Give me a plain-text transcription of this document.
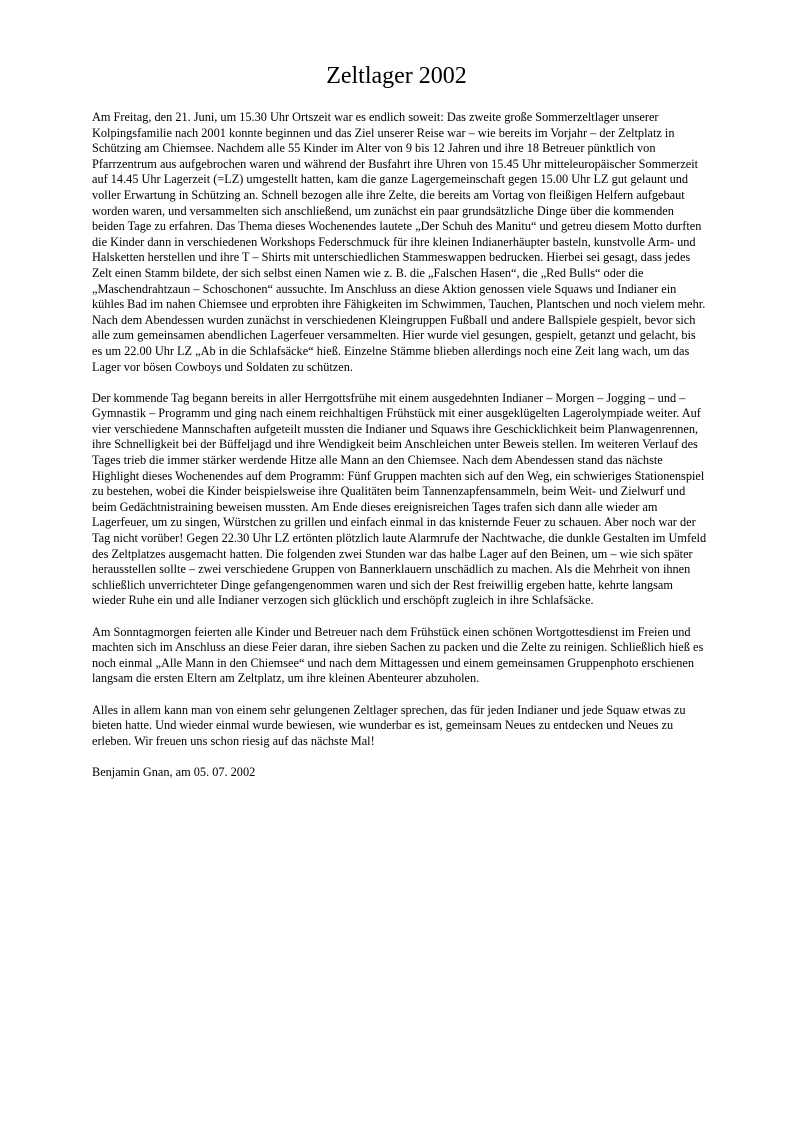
Zeltlager 2002

Am Freitag, den 21. Juni, um 15.30 Uhr Ortszeit war es endlich soweit: Das zweite große Sommerzeltlager unserer Kolpingsfamilie nach 2001 konnte beginnen und das Ziel unserer Reise war – wie bereits im Vorjahr – der Zeltplatz in Schützing am Chiemsee. Nachdem alle 55 Kinder im Alter von 9 bis 12 Jahren und ihre 18 Betreuer pünktlich von Pfarrzentrum aus aufgebrochen waren und während der Busfahrt ihre Uhren von 15.45 Uhr mitteleuropäischer Sommerzeit auf 14.45 Uhr Lagerzeit (=LZ) umgestellt hatten, kam die ganze Lagergemeinschaft gegen 15.00 Uhr LZ gut gelaunt und voller Erwartung in Schützing an. Schnell bezogen alle ihre Zelte, die bereits am Vortag von fleißigen Helfern aufgebaut worden waren, und versammelten sich anschließend, um zunächst ein paar grundsätzliche Dinge über die kommenden beiden Tage zu erfahren. Das Thema dieses Wochenendes lautete „Der Schuh des Manitu“ und getreu diesem Motto durften die Kinder dann in verschiedenen Workshops Federschmuck für ihre kleinen Indianerhäupter basteln, kunstvolle Arm- und Halsketten herstellen und ihre T – Shirts mit unterschiedlichen Stammeswappen bedrucken. Hierbei sei gesagt, dass jedes Zelt einen Stamm bildete, der sich selbst einen Namen wie z. B. die „Falschen Hasen“, die „Red Bulls“ oder die „Maschendrahtzaun – Schoschonen“ aussuchte. Im Anschluss an diese Aktion genossen viele Squaws und Indianer ein kühles Bad im nahen Chiemsee und erprobten ihre Fähigkeiten im Schwimmen, Tauchen, Plantschen und noch vielem mehr. Nach dem Abendessen wurden zunächst in verschiedenen Kleingruppen Fußball und andere Ballspiele gespielt, bevor sich alle zum gemeinsamen abendlichen Lagerfeuer versammelten. Hier wurde viel gesungen, gespielt, getanzt und gelacht, bis es um 22.00 Uhr LZ „Ab in die Schlafsäcke“ hieß. Einzelne Stämme blieben allerdings noch eine Zeit lang wach, um das Lager vor bösen Cowboys und Soldaten zu schützen.

Der kommende Tag begann bereits in aller Herrgottsfrühe mit einem ausgedehnten Indianer – Morgen – Jogging – und – Gymnastik – Programm und ging nach einem reichhaltigen Frühstück mit einer ausgeklügelten Lagerolympiade weiter. Auf vier verschiedene Mannschaften aufgeteilt mussten die Indianer und Squaws ihre Geschicklichkeit beim Planwagenrennen, ihre Schnelligkeit bei der Büffeljagd und ihre Wendigkeit beim Anschleichen unter Beweis stellen. Im weiteren Verlauf des Tages trieb die immer stärker werdende Hitze alle Mann an den Chiemsee. Nach dem Abendessen stand das nächste Highlight dieses Wochenendes auf dem Programm: Fünf Gruppen machten sich auf den Weg, ein schwieriges Stationenspiel zu bestehen, wobei die Kinder beispielsweise ihre Qualitäten beim Tannenzapfensammeln, beim Weit- und Zielwurf und beim Gedächtnistraining beweisen mussten. Am Ende dieses ereignisreichen Tages trafen sich dann alle wieder am Lagerfeuer, um zu singen, Würstchen zu grillen und einfach einmal in das knisternde Feuer zu schauen. Aber noch war der Tag nicht vorüber! Gegen 22.30 Uhr LZ ertönten plötzlich laute Alarmrufe der Nachtwache, die dunkle Gestalten im Umfeld des Zeltplatzes ausgemacht hatten. Die folgenden zwei Stunden war das halbe Lager auf den Beinen, um – wie sich später herausstellen sollte – zwei verschiedene Gruppen von Bannerklauern unschädlich zu machen. Als die Mehrheit von ihnen schließlich unverrichteter Dinge gefangengenommen waren und sich der Rest freiwillig ergeben hatte, kehrte langsam wieder Ruhe ein und alle Indianer verzogen sich glücklich und erschöpft zugleich in ihre Schlafsäcke.

Am Sonntagmorgen feierten alle Kinder und Betreuer nach dem Frühstück einen schönen Wortgottesdienst im Freien und machten sich im Anschluss an diese Feier daran, ihre sieben Sachen zu packen und die Zelte zu reinigen. Schließlich hieß es noch einmal „Alle Mann in den Chiemsee“ und nach dem Mittagessen und einem gemeinsamen Gruppenphoto erschienen langsam die ersten Eltern am Zeltplatz, um ihre kleinen Abenteurer abzuholen.

Alles in allem kann man von einem sehr gelungenen Zeltlager sprechen, das für jeden Indianer und jede Squaw etwas zu bieten hatte. Und wieder einmal wurde bewiesen, wie wunderbar es ist, gemeinsam Neues zu entdecken und Neues zu erleben. Wir freuen uns schon riesig auf das nächste Mal!

Benjamin Gnan, am 05. 07. 2002
